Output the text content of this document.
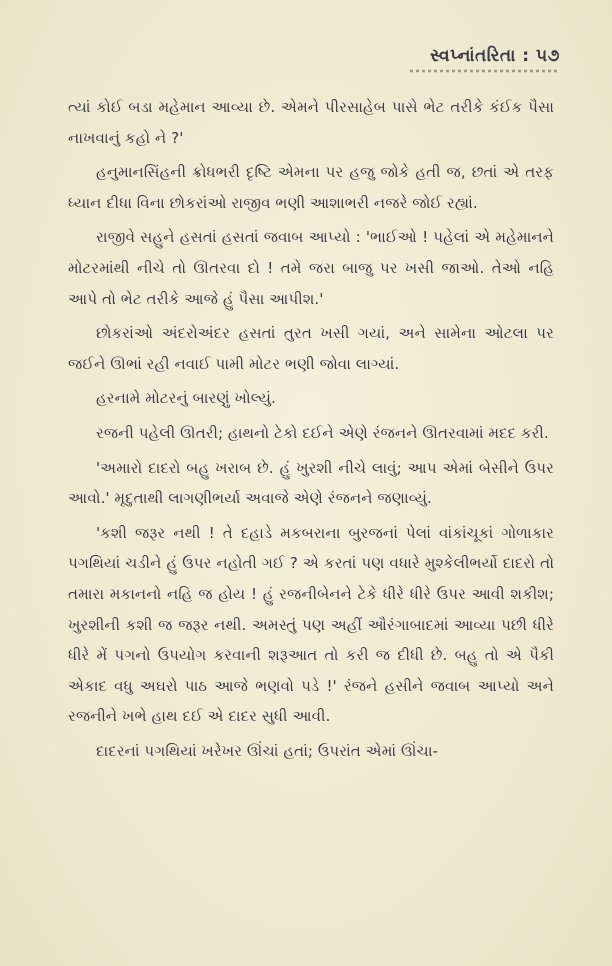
સ્વપ્નાંતરિતા : ૫૭

ત્યાં કોઈ બડા મહેમાન આવ્યા છે. એમને પીરસાહેબ પાસે ભેટ તરીકે કંઈક પૈસા નાખવાનું કહો ને ?'

હનુમાનસિંહની ક્રોધભરી દૃષ્ટિ એમના પર હજુ જોકે હતી જ, છતાં એ તરફ ધ્યાન દીધા વિના છોકરાંઓ રાજીવ ભણી આશાભરી નજરે જોઈ રહ્યાં.

રાજીવે સહુને હસતાં હસતાં જવાબ આપ્યો : 'ભાઈઓ ! પહેલાં એ મહેમાનને મોટરમાંથી નીચે તો ઊતરવા દો ! તમે જરા બાજુ પર ખસી જાઓ. તેઓ નહિ આપે તો ભેટ તરીકે આજે હું પૈસા આપીશ.'

છોકરાંઓ અંદરોઅંદર હસતાં તુરત ખસી ગયાં, અને સામેના ઓટલા પર જઈને ઊભાં રહી નવાઈ પામી મોટર ભણી જોવા લાગ્યાં.

હરનામે મોટરનું બારણું ખોલ્યું.

રજની પહેલી ઊતરી; હાથનો ટેકો દઈને એણે રંજનને ઊતરવામાં મદદ કરી.

'અમારો દાદરો બહુ ખરાબ છે. હું ખુરશી નીચે લાવું; આપ એમાં બેસીને ઉપર આવો.' મૃદુતાથી લાગણીભર્યા અવાજે એણે રંજનને જણાવ્યું.

'કશી જરૂર નથી ! તે દહાડે મકબરાના બુરજનાં પેલાં વાંકાંચૂકાં ગોળાકાર પગથિયાં ચડીને હું ઉપર નહોતી ગઈ ? એ કરતાં પણ વધારે મુશ્કેલીભર્યો દાદરો તો તમારા મકાનનો નહિ જ હોય ! હું રજનીબેનને ટેકે ધીરે ધીરે ઉપર આવી શકીશ; ખુરશીની કશી જ જરૂર નથી. અમસ્તું પણ અહીં ઔરંગાબાદમાં આવ્યા પછી ધીરે ધીરે મેં પગનો ઉપયોગ કરવાની શરૂઆત તો કરી જ દીધી છે. બહુ તો એ પૈકી એકાદ વધુ અઘરો પાઠ આજે ભણવો પડે !' રંજને હસીને જવાબ આપ્યો અને રજનીને ખભે હાથ દઈ એ દાદર સુધી આવી.

દાદરનાં પગથિયાં ખરેખર ઊંચાં હતાં; ઉપરાંત એમાં ઊંચા-
